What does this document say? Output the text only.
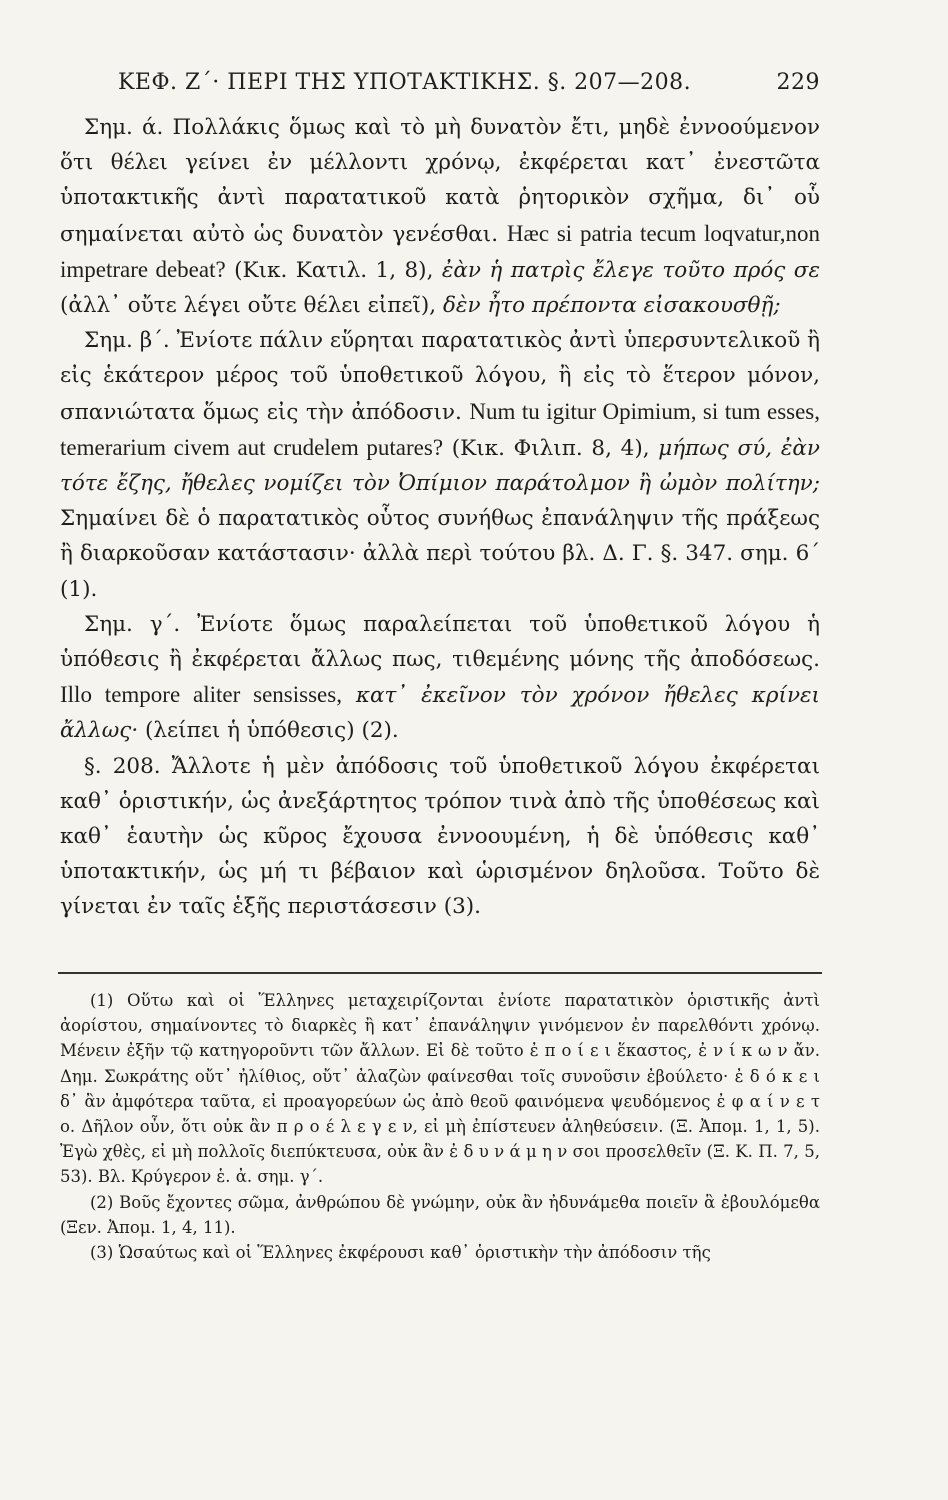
ΚΕΦ. Ζ΄· ΠΕΡΙ ΤΗΣ ΥΠΟΤΑΚΤΙΚΗΣ. §. 207—208.	229

Σημ. ά. Πολλάκις ὅμως καὶ τὸ μὴ δυνατὸν ἔτι, μηδὲ ἐννοούμενον ὅτι θέλει γείνει ἐν μέλλοντι χρόνῳ, ἐκφέρεται κατ᾽ ἐνεστῶτα ὑποτακτικῆς ἀντὶ παρατατικοῦ κατὰ ῥητορικὸν σχῆμα, δι᾽ οὗ σημαίνεται αὐτὸ ὡς δυνατὸν γενέσθαι. Hæc si patria tecum loqvatur,non impetrare debeat? (Κικ. Κατιλ. 1, 8), ἐὰν ἡ πατρὶς ἔλεγε τοῦτο πρός σε (ἀλλ᾽ οὔτε λέγει οὔτε θέλει εἰπεῖ), δὲν ἦτο πρέποντα εἰσακουσθῇ;

Σημ. β΄. Ἐνίοτε πάλιν εὕρηται παρατατικὸς ἀντὶ ὑπερσυντελικοῦ ἢ εἰς ἑκάτερον μέρος τοῦ ὑποθετικοῦ λόγου, ἢ εἰς τὸ ἕτερον μόνον, σπανιώτατα ὅμως εἰς τὴν ἀπόδοσιν. Num tu igitur Opimium, si tum esses, temerarium civem aut crudelem putares? (Κικ. Φιλιπ. 8, 4), μήπως σύ, ἐὰν τότε ἔζης, ἤθελες νομίζει τὸν Ὀπίμιον παράτολμον ἢ ὠμὸν πολίτην; Σημαίνει δὲ ὁ παρατατικὸς οὗτος συνήθως ἐπανάληψιν τῆς πράξεως ἢ διαρκοῦσαν κατάστασιν· ἀλλὰ περὶ τούτου βλ. Δ. Γ. §. 347. σημ. 6΄ (1).

Σημ. γ΄. Ἐνίοτε ὅμως παραλείπεται τοῦ ὑποθετικοῦ λόγου ἡ ὑπόθεσις ἢ ἐκφέρεται ἄλλως πως, τιθεμένης μόνης τῆς ἀποδόσεως. Illo tempore aliter sensisses, κατ᾽ ἐκεῖνον τὸν χρόνον ἤθελες κρίνει ἄλλως· (λείπει ἡ ὑπόθεσις) (2).

§. 208. Ἄλλοτε ἡ μὲν ἀπόδοσις τοῦ ὑποθετικοῦ λόγου ἐκφέρεται καθ᾽ ὁριστικήν, ὡς ἀνεξάρτητος τρόπον τινὰ ἀπὸ τῆς ὑποθέσεως καὶ καθ᾽ ἑαυτὴν ὡς κῦρος ἔχουσα ἐννοουμένη, ἡ δὲ ὑπόθεσις καθ᾽ ὑποτακτικήν, ὡς μή τι βέβαιον καὶ ὡρισμένον δηλοῦσα. Τοῦτο δὲ γίνεται ἐν ταῖς ἑξῆς περιστάσεσιν (3).

(1) Οὕτω καὶ οἱ Ἕλληνες μεταχειρίζονται ἐνίοτε παρατατικὸν ὁριστικῆς ἀντὶ ἀορίστου, σημαίνοντες τὸ διαρκὲς ἢ κατ᾽ ἐπανάληψιν γινόμενον ἐν παρελθόντι χρόνῳ. Μένειν ἐξῆν τῷ κατηγοροῦντι τῶν ἄλλων. Εἰ δὲ τοῦτο ἐ π ο ί ε ι ἕκαστος, ἐ ν ί κ ω ν ἄν. Δημ. Σωκράτης οὔτ᾽ ἠλίθιος, οὔτ᾽ ἀλαζὼν φαίνεσθαι τοῖς συνοῦσιν ἐβούλετο· ἐ δ ό κ ε ι δ᾽ ἂν ἀμφότερα ταῦτα, εἰ προαγορεύων ὡς ἀπὸ θεοῦ φαινόμενα ψευδόμενος ἐ φ α ί ν ε τ ο. Δῆλον οὖν, ὅτι οὐκ ἂν π ρ ο έ λ ε γ ε ν, εἰ μὴ ἐπίστευεν ἀληθεύσειν. (Ξ. Ἀπομ. 1, 1, 5). Ἐγὼ χθὲς, εἰ μὴ πολλοῖς διεπύκτευσα, οὐκ ἂν ἐ δ υ ν ά μ η ν σοι προσελθεῖν (Ξ. Κ. Π. 7, 5, 53). Βλ. Κρύγερον ἑ. ἀ. σημ. γ΄.

(2) Βοῦς ἔχοντες σῶμα, ἀνθρώπου δὲ γνώμην, οὐκ ἂν ἠδυνάμεθα ποιεῖν ἃ ἐβουλόμεθα (Ξεν. Ἀπομ. 1, 4, 11).

(3) Ὡσαύτως καὶ οἱ Ἕλληνες ἐκφέρουσι καθ᾽ ὁριστικὴν τὴν ἀπόδοσιν τῆς
